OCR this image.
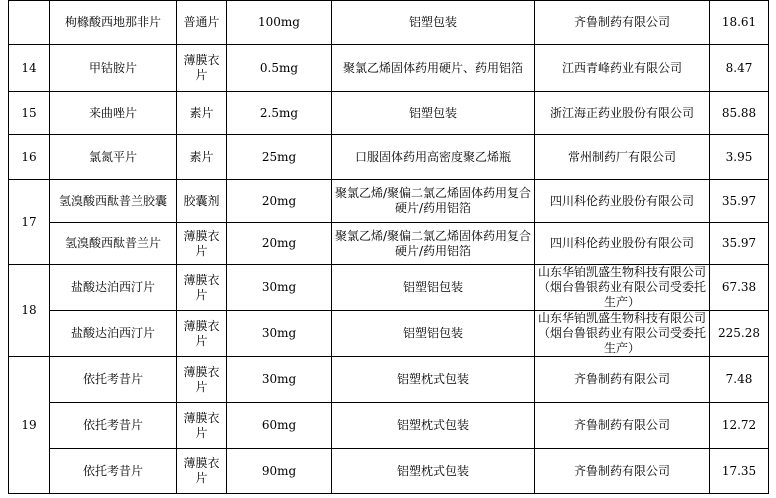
	枸橼酸西地那非片	普通片	100mg	铝塑包装	齐鲁制药有限公司	18.61
14	甲钴胺片	薄膜衣片	0.5mg	聚氯乙烯固体药用硬片、药用铝箔	江西青峰药业有限公司	8.47
15	来曲唑片	素片	2.5mg	铝塑包装	浙江海正药业股份有限公司	85.88
16	氯氮平片	素片	25mg	口服固体药用高密度聚乙烯瓶	常州制药厂有限公司	3.95
17	氢溴酸西酞普兰胶囊	胶囊剂	20mg	聚氯乙烯/聚偏二氯乙烯固体药用复合硬片/药用铝箔	四川科伦药业股份有限公司	35.97
	氢溴酸西酞普兰片	薄膜衣片	20mg	聚氯乙烯/聚偏二氯乙烯固体药用复合硬片/药用铝箔	四川科伦药业股份有限公司	35.97
18	盐酸达泊西汀片	薄膜衣片	30mg	铝塑铝包装	山东华铂凯盛生物科技有限公司（烟台鲁银药业有限公司受委托生产）	67.38
	盐酸达泊西汀片	薄膜衣片	30mg	铝塑铝包装	山东华铂凯盛生物科技有限公司（烟台鲁银药业有限公司受委托生产）	225.28
19	依托考昔片	薄膜衣片	30mg	铝塑枕式包装	齐鲁制药有限公司	7.48
	依托考昔片	薄膜衣片	60mg	铝塑枕式包装	齐鲁制药有限公司	12.72
	依托考昔片	薄膜衣片	90mg	铝塑枕式包装	齐鲁制药有限公司	17.35
